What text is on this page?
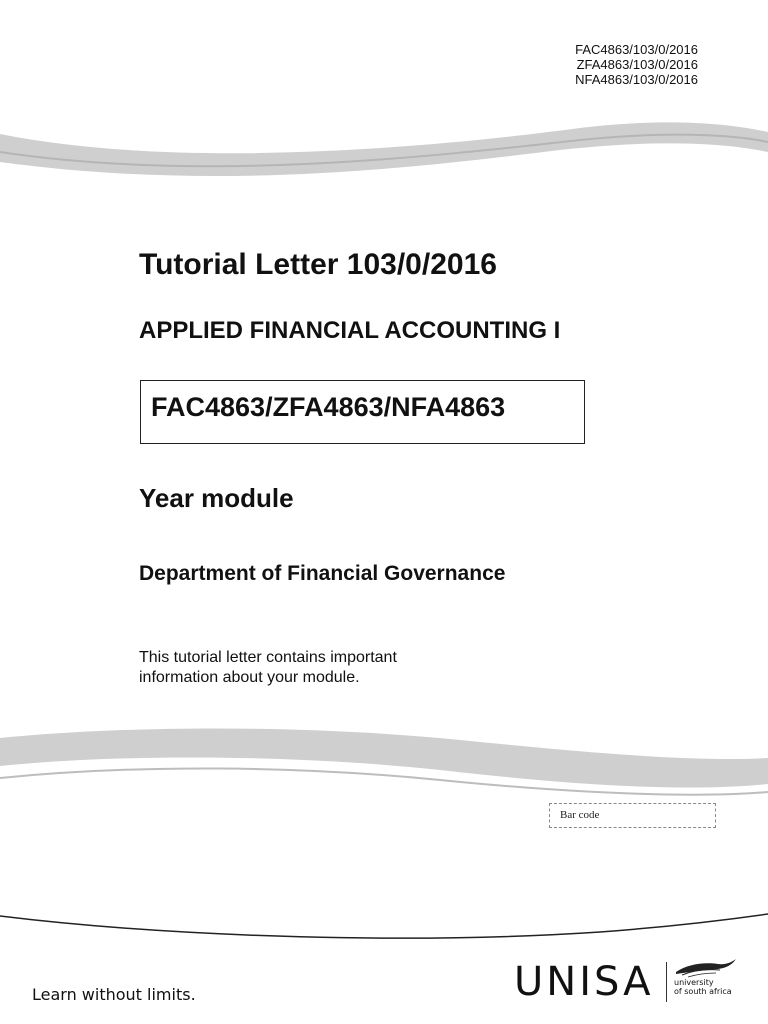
FAC4863/103/0/2016
ZFA4863/103/0/2016
NFA4863/103/0/2016
Tutorial Letter 103/0/2016
APPLIED FINANCIAL ACCOUNTING I
FAC4863/ZFA4863/NFA4863
Year module
Department of Financial Governance
This tutorial letter contains important
information about your module.
Bar code
Learn without limits.	UNISA	university
of south africa
